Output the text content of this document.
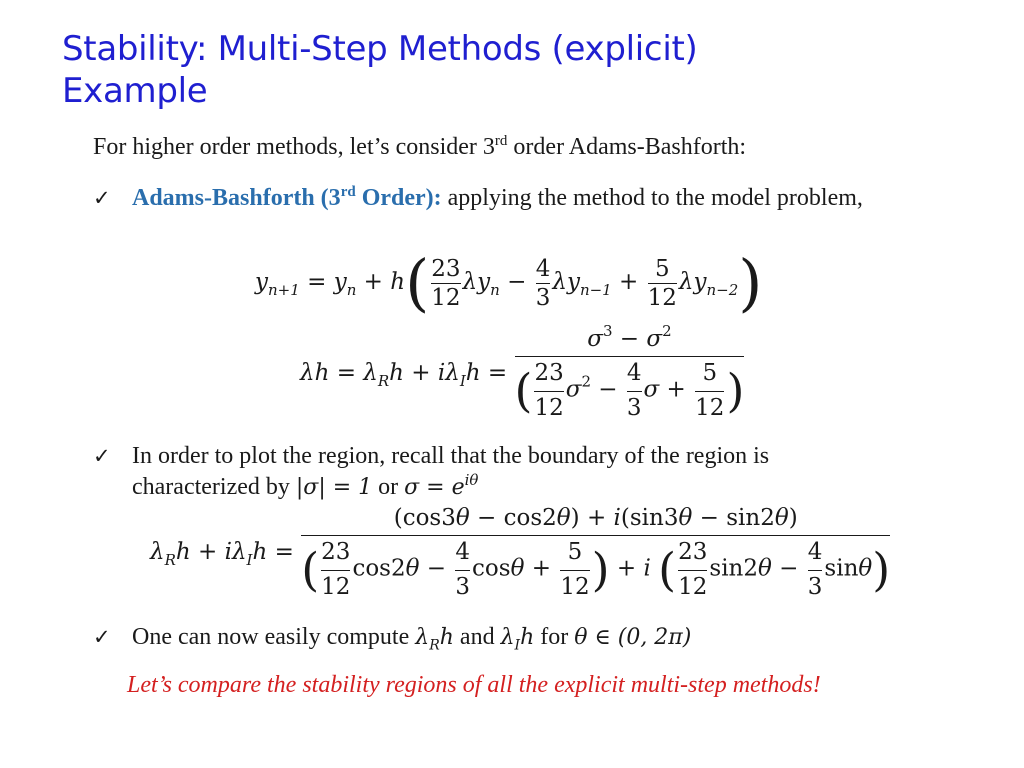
Stability: Multi-Step Methods (explicit)
Example
For higher order methods, let’s consider 3rd order Adams-Bashforth:
✓ Adams-Bashforth (3rd Order): applying the method to the model problem,
$y_{n+1} = y_n + h( \frac{23}{12} \lambda y_n - \frac{4}{3} \lambda y_{n-1} + \frac{5}{12} \lambda y_{n-2})$
$\lambda h = \lambda_Rh + i\lambda_Ih = \frac{\sigma^3 - \sigma^2}{( \frac{23}{12} \sigma^2 - \frac{4}{3} \sigma + \frac{5}{12} )}$
✓ In order to plot the region, recall that the boundary of the region is
characterized by |σ| = 1 or $\sigma = e^{i\theta}$
$\lambda_Rh + i\lambda_Ih = \frac{(\cos 3\theta - \cos 2\theta) + i(\sin 3\theta - \sin 2\theta)}{( \frac{23}{12} \cos 2\theta - \frac{4}{3} \cos\theta + \frac{5}{12} ) + i ( \frac{23}{12} \sin 2\theta - \frac{4}{3} \sin\theta)}$
✓ One can now easily compute $\lambda_Rh$ and $\lambda_Ih$ for θ ∈ (0, 2π)
Let’s compare the stability regions of all the explicit multi-step methods!
